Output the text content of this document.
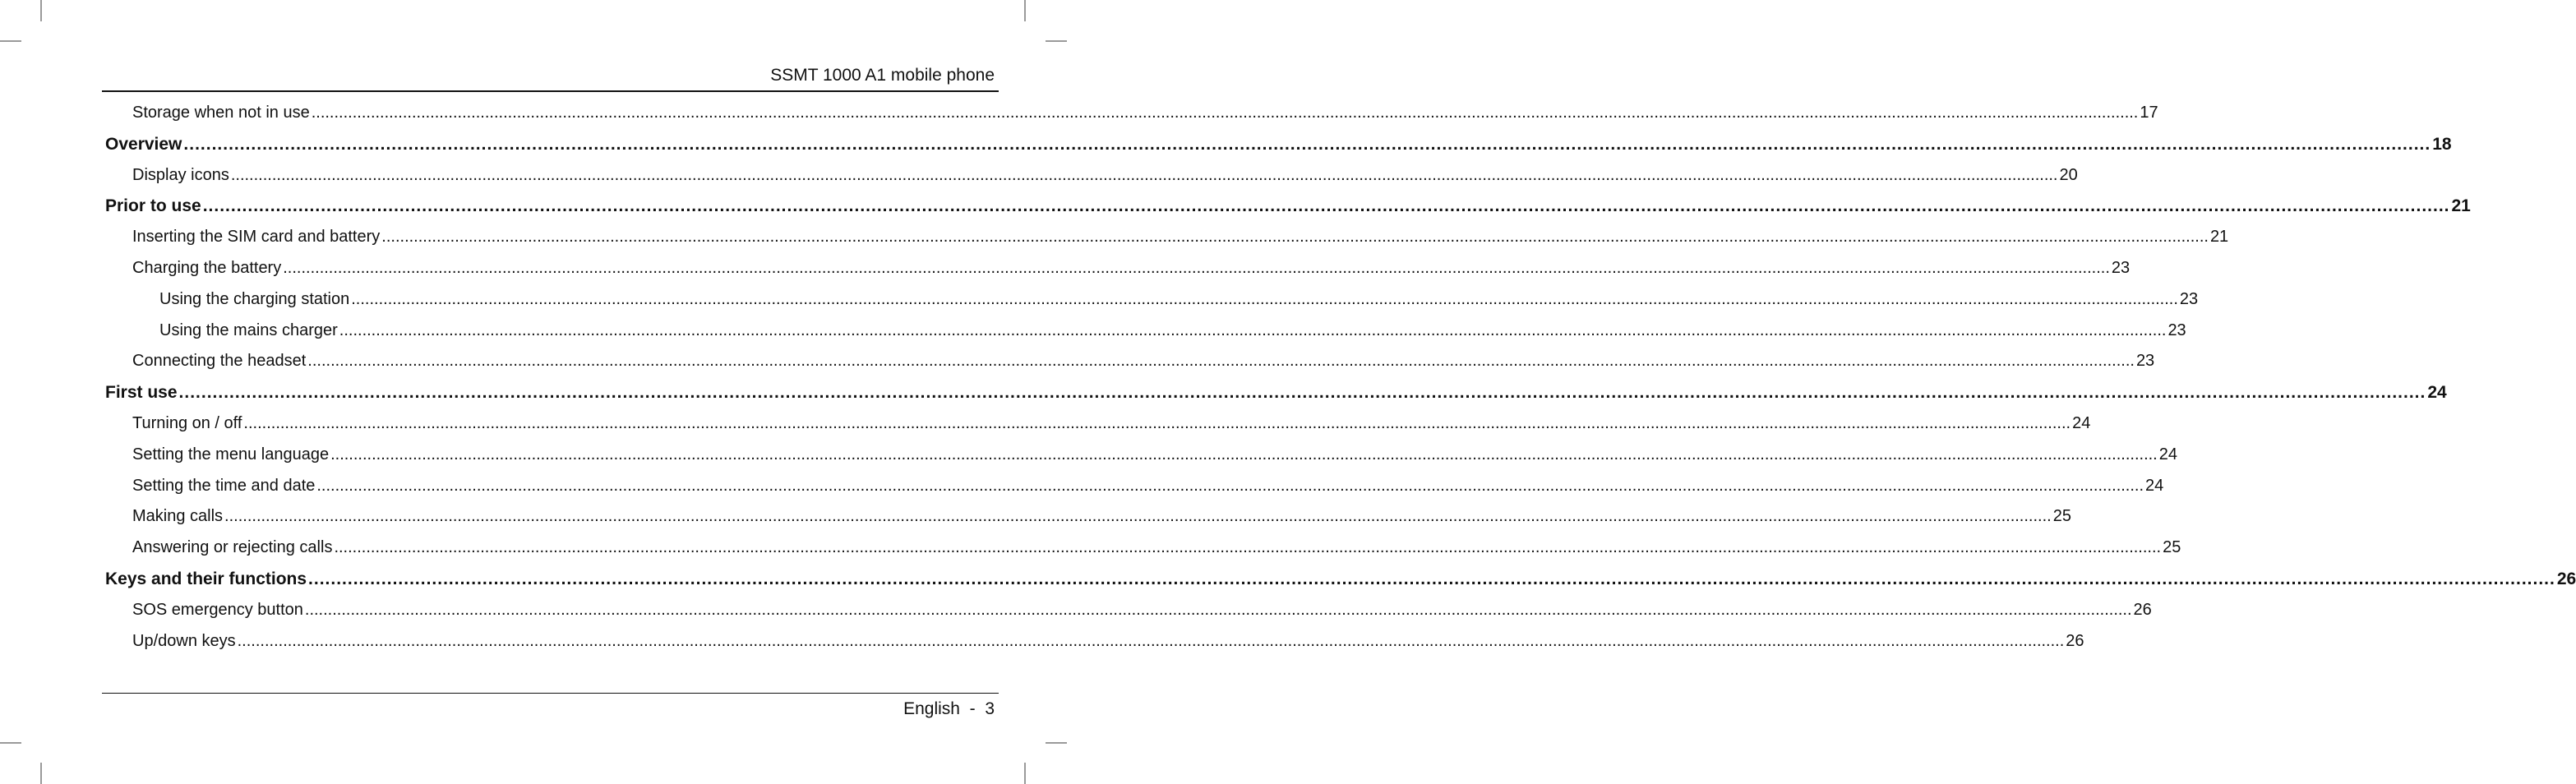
SSMT 1000 A1 mobile phone
Storage when not in use ................................................................................................................................................................................................................................................................................................................................................................................................................ 17
Overview ................................................................................................................................................................................................................................................................................................................................................................................................................ 18
Display icons ................................................................................................................................................................................................................................................................................................................................................................................................................ 20
Prior to use ................................................................................................................................................................................................................................................................................................................................................................................................................ 21
Inserting the SIM card and battery ................................................................................................................................................................................................................................................................................................................................................................................................................ 21
Charging the battery ................................................................................................................................................................................................................................................................................................................................................................................................................ 23
Using the charging station ................................................................................................................................................................................................................................................................................................................................................................................................................ 23
Using the mains charger ................................................................................................................................................................................................................................................................................................................................................................................................................ 23
Connecting the headset ................................................................................................................................................................................................................................................................................................................................................................................................................ 23
First use ................................................................................................................................................................................................................................................................................................................................................................................................................ 24
Turning on / off ................................................................................................................................................................................................................................................................................................................................................................................................................ 24
Setting the menu language ................................................................................................................................................................................................................................................................................................................................................................................................................ 24
Setting the time and date ................................................................................................................................................................................................................................................................................................................................................................................................................ 24
Making calls ................................................................................................................................................................................................................................................................................................................................................................................................................ 25
Answering or rejecting calls ................................................................................................................................................................................................................................................................................................................................................................................................................ 25
Keys and their functions ................................................................................................................................................................................................................................................................................................................................................................................................................ 26
SOS emergency button ................................................................................................................................................................................................................................................................................................................................................................................................................ 26
Up/down keys ................................................................................................................................................................................................................................................................................................................................................................................................................ 26
English - 3
